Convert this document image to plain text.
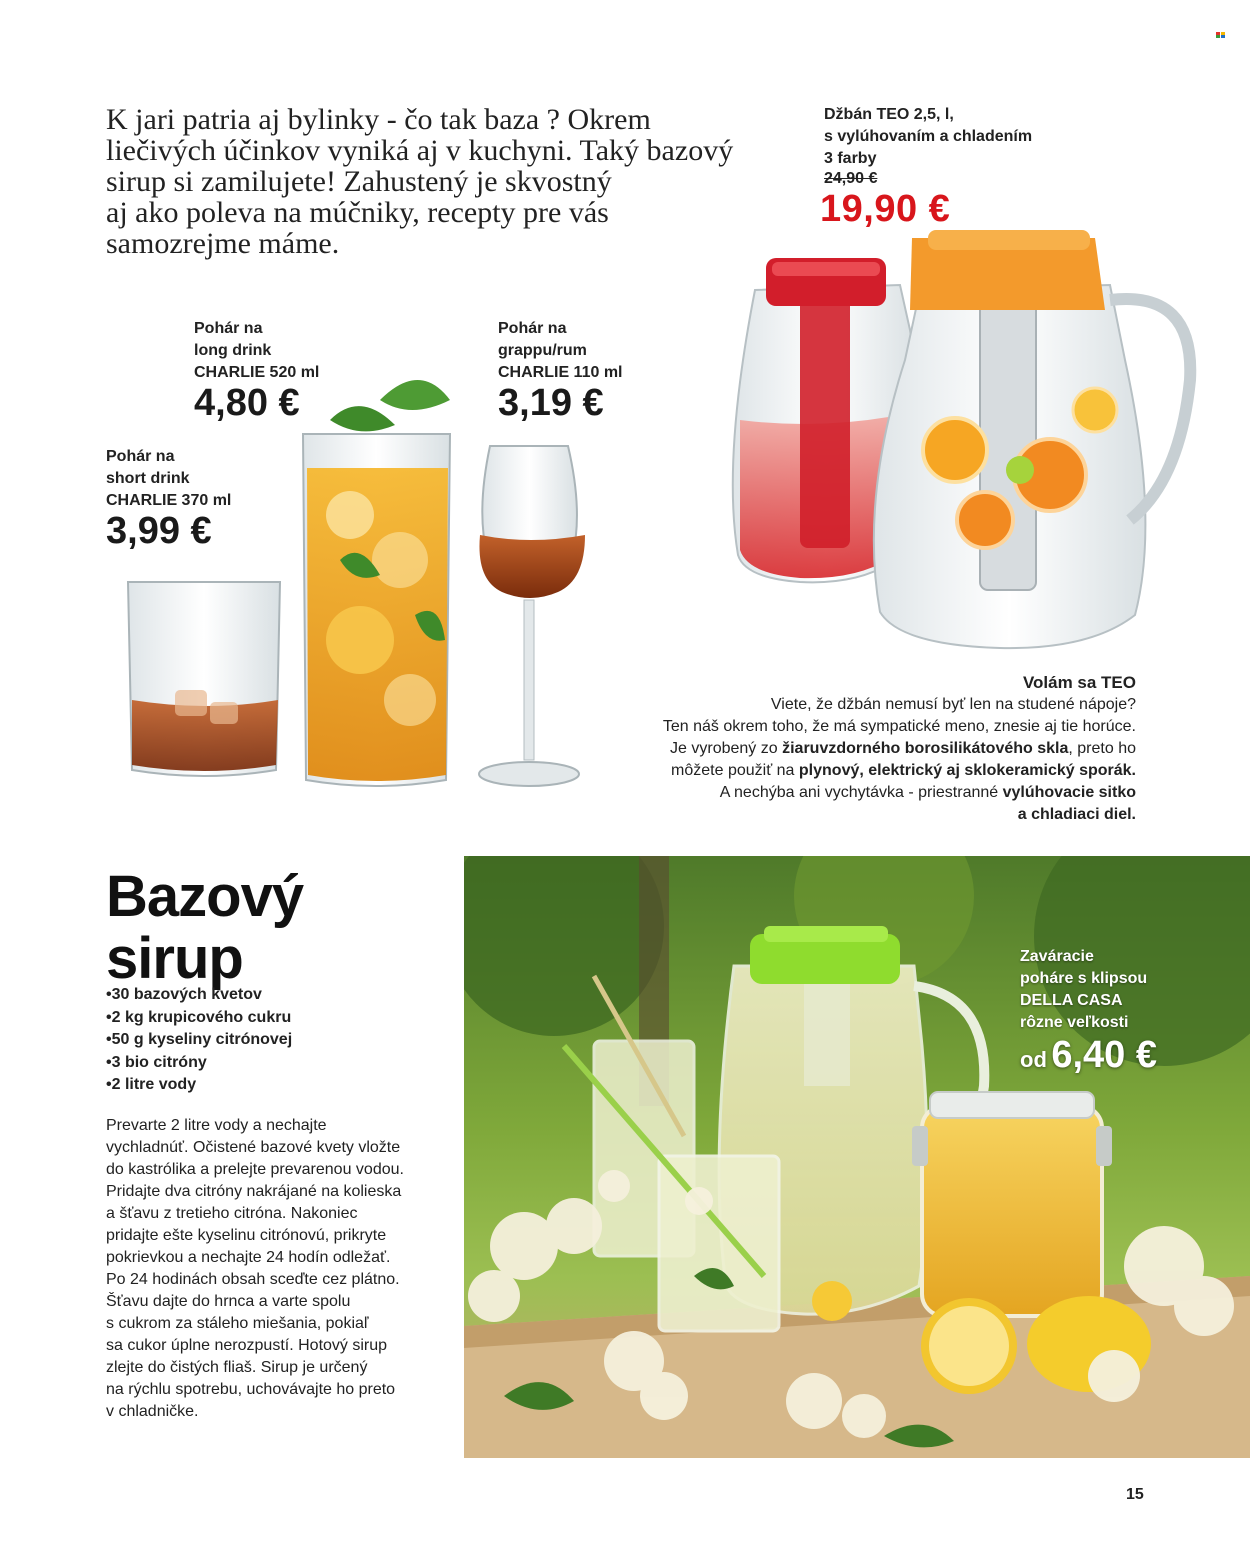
K jari patria aj bylinky - čo tak baza ? Okrem
liečivých účinkov vyniká aj v kuchyni. Taký bazový
sirup si zamilujete! Zahustený je skvostný
aj ako poleva na múčniky, recepty pre vás
samozrejme máme.
Džbán TEO 2,5, l,
s vylúhovaním a chladením
3 farby
24,90 €
19,90 €
Pohár na
long drink
CHARLIE 520 ml
4,80 €
Pohár na
grappu/rum
CHARLIE 110 ml
3,19 €
Pohár na
short drink
CHARLIE 370 ml
3,99 €
Volám sa TEO
Viete, že džbán nemusí byť len na studené nápoje?
Ten náš okrem toho, že má sympatické meno, znesie aj tie horúce.
Je vyrobený zo žiaruvzdorného borosilikátového skla, preto ho
môžete použiť na plynový, elektrický aj sklokeramický sporák.
A nechýba ani vychytávka - priestranné vylúhovacie sitko
a chladiaci diel.
Bazový
sirup
• 30 bazových kvetov
• 2 kg krupicového cukru
• 50 g kyseliny citrónovej
• 3 bio citróny
• 2 litre vody
Prevarte 2 litre vody a nechajte
vychladnúť. Očistené bazové kvety vložte
do kastrólika a prelejte prevarenou vodou.
Pridajte dva citróny nakrájané na kolieska
a šťavu z tretieho citróna. Nakoniec
pridajte ešte kyselinu citrónovú, prikryte
pokrievkou a nechajte 24 hodín odležať.
Po 24 hodinách obsah sceďte cez plátno.
Šťavu dajte do hrnca a varte spolu
s cukrom za stáleho miešania, pokiaľ
sa cukor úplne nerozpustí. Hotový sirup
zlejte do čistých fliaš. Sirup je určený
na rýchlu spotrebu, uchovávajte ho preto
v chladničke.
Zaváracie
poháre s klipsou
DELLA CASA
rôzne veľkosti
od 6,40 €
15
